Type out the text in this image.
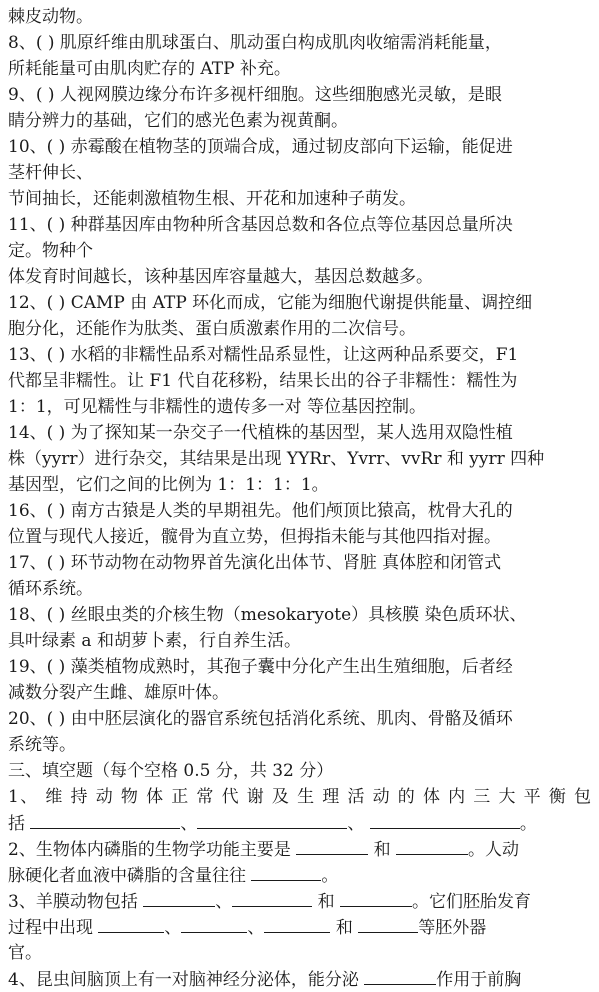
棘皮动物。
8、( ) 肌原纤维由肌球蛋白、肌动蛋白构成肌肉收缩需消耗能量，
所耗能量可由肌肉贮存的 ATP 补充。
9、( ) 人视网膜边缘分布许多视杆细胞。这些细胞感光灵敏，是眼
睛分辨力的基础，它们的感光色素为视黄酮。
10、( ) 赤霉酸在植物茎的顶端合成，通过韧皮部向下运输，能促进
茎杆伸长、
节间抽长，还能刺激植物生根、开花和加速种子萌发。
11、( ) 种群基因库由物种所含基因总数和各位点等位基因总量所决
定。物种个
体发育时间越长，该种基因库容量越大，基因总数越多。
12、( ) CAMP 由 ATP 环化而成，它能为细胞代谢提供能量、调控细
胞分化，还能作为肽类、蛋白质激素作用的二次信号。
13、( ) 水稻的非糯性品系对糯性品系显性，让这两种品系要交，F1
代都呈非糯性。让 F1 代自花移粉，结果长出的谷子非糯性：糯性为
1：1，可见糯性与非糯性的遗传多一对 等位基因控制。
14、( ) 为了探知某一杂交子一代植株的基因型，某人选用双隐性植
株（yyrr）进行杂交，其结果是出现 YYRr、Yvrr、vvRr 和 yyrr 四种
基因型，它们之间的比例为 1：1：1：1。
16、( ) 南方古猿是人类的早期祖先。他们颅顶比猿高，枕骨大孔的
位置与现代人接近，髋骨为直立势，但拇指未能与其他四指对握。
17、( ) 环节动物在动物界首先演化出体节、肾脏 真体腔和闭管式
循环系统。
18、( ) 丝眼虫类的介核生物（mesokaryote）具核膜 染色质环状、
具叶绿素 a 和胡萝卜素，行自养生活。
19、( ) 藻类植物成熟时，其孢子囊中分化产生出生殖细胞，后者经
减数分裂产生雌、雄原叶体。
20、( ) 由中胚层演化的器官系统包括消化系统、肌肉、骨骼及循环
系统等。
三、填空题（每个空格 0.5 分，共 32 分）
1、 维 持 动 物 体 正 常 代 谢 及 生 理 活 动 的 体 内 三 大 平 衡 包
括	、	、	。
2、生物体内磷脂的生物学功能主要是	和	。人动
脉硬化者血液中磷脂的含量往往	。
3、羊膜动物包括	、	和	。它们胚胎发育
过程中出现	、	、	和	等胚外器
官。
4、昆虫间脑顶上有一对脑神经分泌体，能分泌	作用于前胸
